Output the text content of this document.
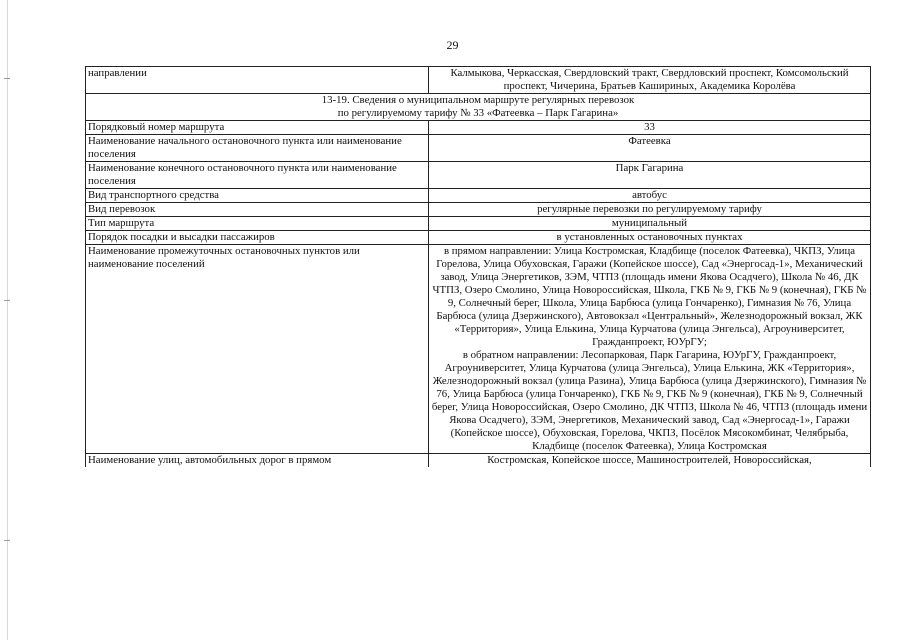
29
направлении	Калмыкова, Черкасская, Свердловский тракт, Свердловский проспект, Комсомольский проспект, Чичерина, Братьев Кашириных, Академика Королёва

13-19. Сведения о муниципальном маршруте регулярных перевозок
по регулируемому тарифу № 33 «Фатеевка – Парк Гагарина»	

Порядковый номер маршрута	33
Наименование начального остановочного пункта или наименование поселения	Фатеевка
Наименование конечного остановочного пункта или наименование поселения	Парк Гагарина
Вид транспортного средства	автобус
Вид перевозок	регулярные перевозки по регулируемому тарифу
Тип маршрута	муниципальный
Порядок посадки и высадки пассажиров	в установленных остановочных пунктах
Наименование промежуточных остановочных пунктов или наименование поселений	в прямом направлении: Улица Костромская, Кладбище (поселок Фатеевка), ЧКПЗ, Улица Горелова, Улица Обуховская, Гаражи (Копейское шоссе), Сад «Энергосад-1», Механический завод, Улица Энергетиков, ЗЭМ, ЧТПЗ (площадь имени Якова Осадчего), Школа № 46, ДК ЧТПЗ, Озеро Смолино, Улица Новороссийская, Школа, ГКБ № 9, ГКБ № 9 (конечная), ГКБ № 9, Солнечный берег, Школа, Улица Барбюса (улица Гончаренко), Гимназия № 76, Улица Барбюса (улица Дзержинского), Автовокзал «Центральный», Железнодорожный вокзал, ЖК «Территория», Улица Елькина, Улица Курчатова (улица Энгельса), Агроуниверситет, Гражданпроект, ЮУрГУ;
в обратном направлении: Лесопарковая, Парк Гагарина, ЮУрГУ, Гражданпроект, Агроуниверситет, Улица Курчатова (улица Энгельса), Улица Елькина, ЖК «Территория», Железнодорожный вокзал (улица Разина), Улица Барбюса (улица Дзержинского), Гимназия № 76, Улица Барбюса (улица Гончаренко), ГКБ № 9, ГКБ № 9 (конечная), ГКБ № 9, Солнечный берег, Улица Новороссийская, Озеро Смолино, ДК ЧТПЗ, Школа № 46, ЧТПЗ (площадь имени Якова Осадчего), ЗЭМ, Энергетиков, Механический завод, Сад «Энергосад-1», Гаражи (Копейское шоссе), Обуховская, Горелова, ЧКПЗ, Посёлок Мясокомбинат, Челябрыба, Кладбище (поселок Фатеевка), Улица Костромская

Наименование улиц, автомобильных дорог в прямом	Костромская, Копейское шоссе, Машиностроителей, Новороссийская,
